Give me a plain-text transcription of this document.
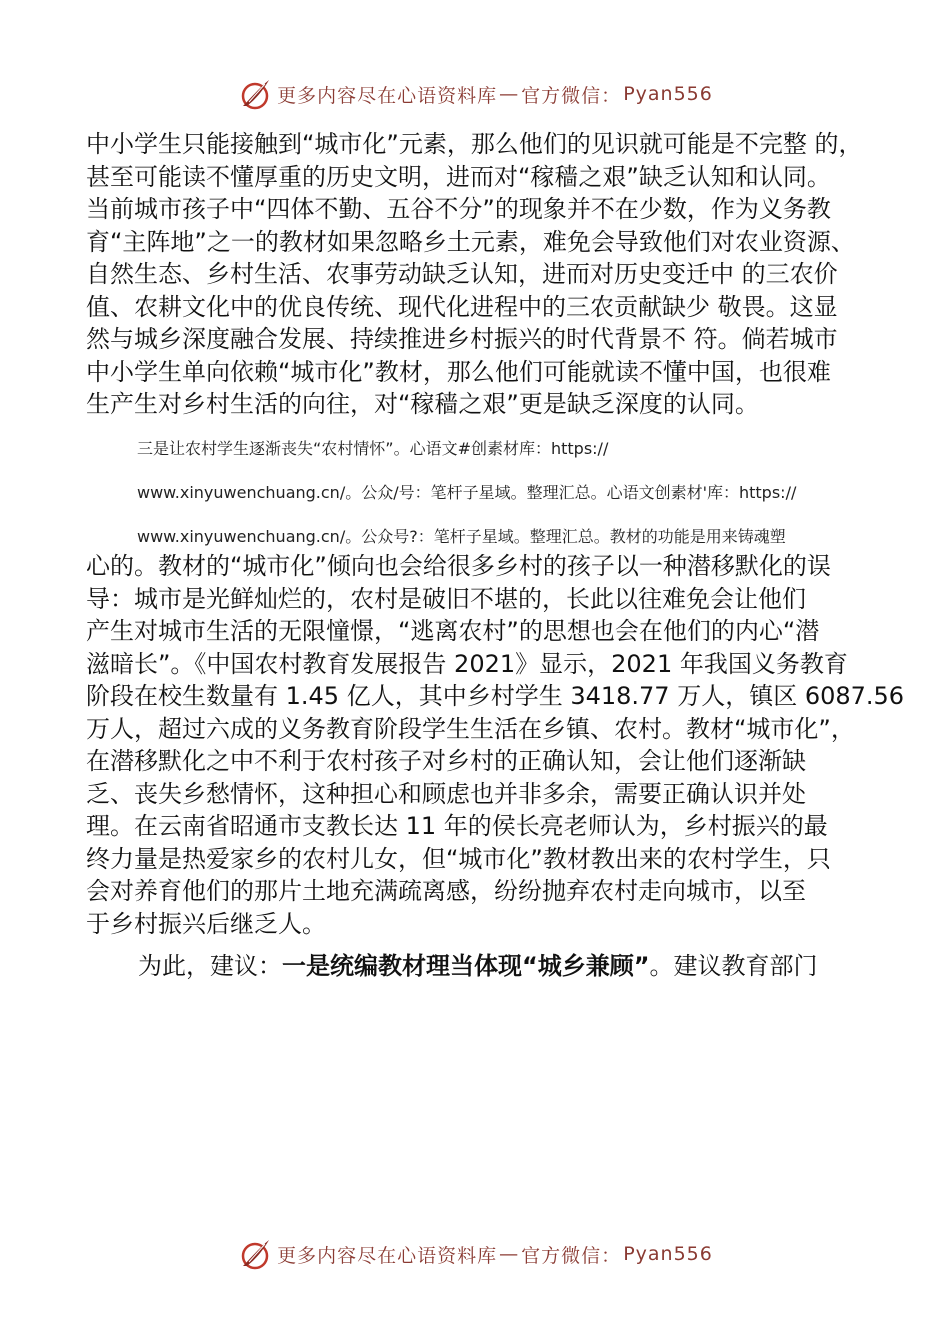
更多内容尽在心语资料库 — 官方微信： Pyan556
中小学生只能接触到“城市化”元素，那么他们的见识就可能是不完整 的，
甚至可能读不懂厚重的历史文明，进而对“稼穑之艰”缺乏认知和认同。
当前城市孩子中“四体不勤、五谷不分”的现象并不在少数，作为义务教
育“主阵地”之一的教材如果忽略乡土元素，难免会导致他们对农业资源、
自然生态、乡村生活、农事劳动缺乏认知，进而对历史变迁中 的三农价
值、农耕文化中的优良传统、现代化进程中的三农贡献缺少 敬畏。这显
然与城乡深度融合发展、持续推进乡村振兴的时代背景不 符。倘若城市
中小学生单向依赖“城市化”教材，那么他们可能就读不懂中国，也很难
生产生对乡村生活的向往，对“稼穑之艰”更是缺乏深度的认同。

三是让农村学生逐渐丧失“农村情怀”。心语文#创素材库：https://

www.xinyuwenchuang.cn/。公众/号：笔杆子星域。整理汇总。心语文创素材'库：https://

www.xinyuwenchuang.cn/。公众号?：笔杆子星域。整理汇总。教材的功能是用来铸魂塑

心的。教材的“城市化”倾向也会给很多乡村的孩子以一种潜移默化的误
导：城市是光鲜灿烂的，农村是破旧不堪的，长此以往难免会让他们
产生对城市生活的无限憧憬，“逃离农村”的思想也会在他们的内心“潜
滋暗长”。《中国农村教育发展报告 2021》显示，2021 年我国义务教育
阶段在校生数量有 1.45 亿人，其中乡村学生 3418.77 万人，镇区 6087.56
万人，超过六成的义务教育阶段学生生活在乡镇、农村。教材“城市化”，
在潜移默化之中不利于农村孩子对乡村的正确认知，会让他们逐渐缺
乏、丧失乡愁情怀，这种担心和顾虑也并非多余，需要正确认识并处
理。在云南省昭通市支教长达 11 年的侯长亮老师认为，乡村振兴的最
终力量是热爱家乡的农村儿女，但“城市化”教材教出来的农村学生，只
会对养育他们的那片土地充满疏离感，纷纷抛弃农村走向城市，以至
于乡村振兴后继乏人。

为此，建议：一是统编教材理当体现“城乡兼顾”。建议教育部门

更多内容尽在心语资料库 — 官方微信： Pyan556
